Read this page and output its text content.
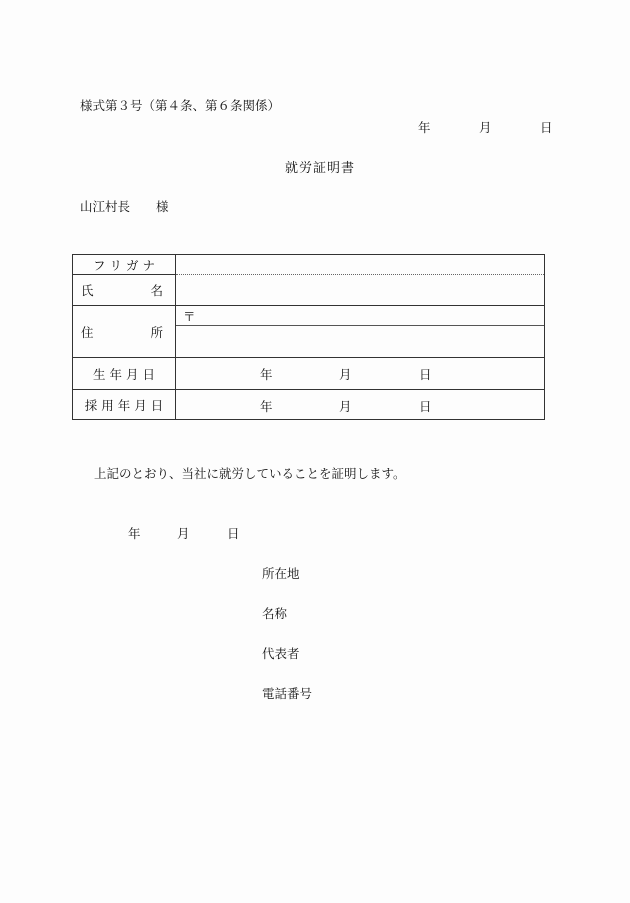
様式第３号（第４条、第６条関係）
年	月	日
就労証明書
山江村長 様
フ リ ガ ナ
氏	名
住	所
〒
生 年 月 日	年	月	日
採 用 年 月 日	年	月	日
上記のとおり、当社に就労していることを証明します。
年	月	日
所在地
名称
代表者
電話番号
